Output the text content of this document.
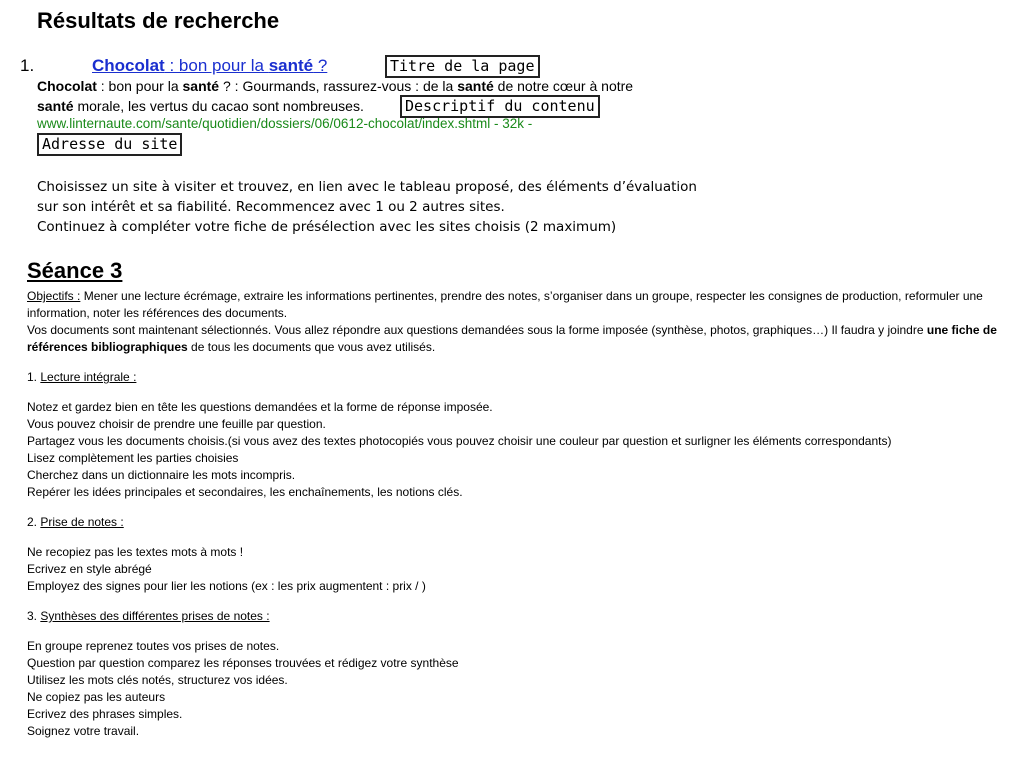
Résultats de recherche
1.	Chocolat : bon pour la santé ?	Titre de la page
Chocolat : bon pour la santé ? : Gourmands, rassurez-vous : de la santé de notre cœur à notre
santé morale, les vertus du cacao sont nombreuses.	Descriptif du contenu
www.linternaute.com/sante/quotidien/dossiers/06/0612-chocolat/index.shtml - 32k -
Adresse du site
Choisissez un site à visiter et trouvez, en lien avec le tableau proposé, des éléments d’évaluation
sur son intérêt et sa fiabilité. Recommencez avec 1 ou 2 autres sites.
Continuez à compléter votre fiche de présélection avec les sites choisis (2 maximum)
Séance 3

Objectifs : Mener une lecture écrémage, extraire les informations pertinentes, prendre des notes, s’organiser dans un groupe, respecter les consignes de production, reformuler une information, noter les références des documents.

Vos documents sont maintenant sélectionnés. Vous allez répondre aux questions demandées sous la forme imposée (synthèse, photos, graphiques…) Il faudra y joindre une fiche de références bibliographiques de tous les documents que vous avez utilisés.

1. Lecture intégrale :

Notez et gardez bien en tête les questions demandées et la forme de réponse imposée.
Vous pouvez choisir de prendre une feuille par question.
Partagez vous les documents choisis.(si vous avez des textes photocopiés vous pouvez choisir une couleur par question et surligner les éléments correspondants)
Lisez complètement les parties choisies
Cherchez dans un dictionnaire les mots incompris.
Repérer les idées principales et secondaires, les enchaînements, les notions clés.

2. Prise de notes :

Ne recopiez pas les textes mots à mots !
Ecrivez en style abrégé
Employez des signes pour lier les notions (ex : les prix augmentent : prix / )

3. Synthèses des différentes prises de notes :

En groupe reprenez toutes vos prises de notes.
Question par question comparez les réponses trouvées et rédigez votre synthèse
Utilisez les mots clés notés, structurez vos idées.
Ne copiez pas les auteurs
Ecrivez des phrases simples.
Soignez votre travail.
